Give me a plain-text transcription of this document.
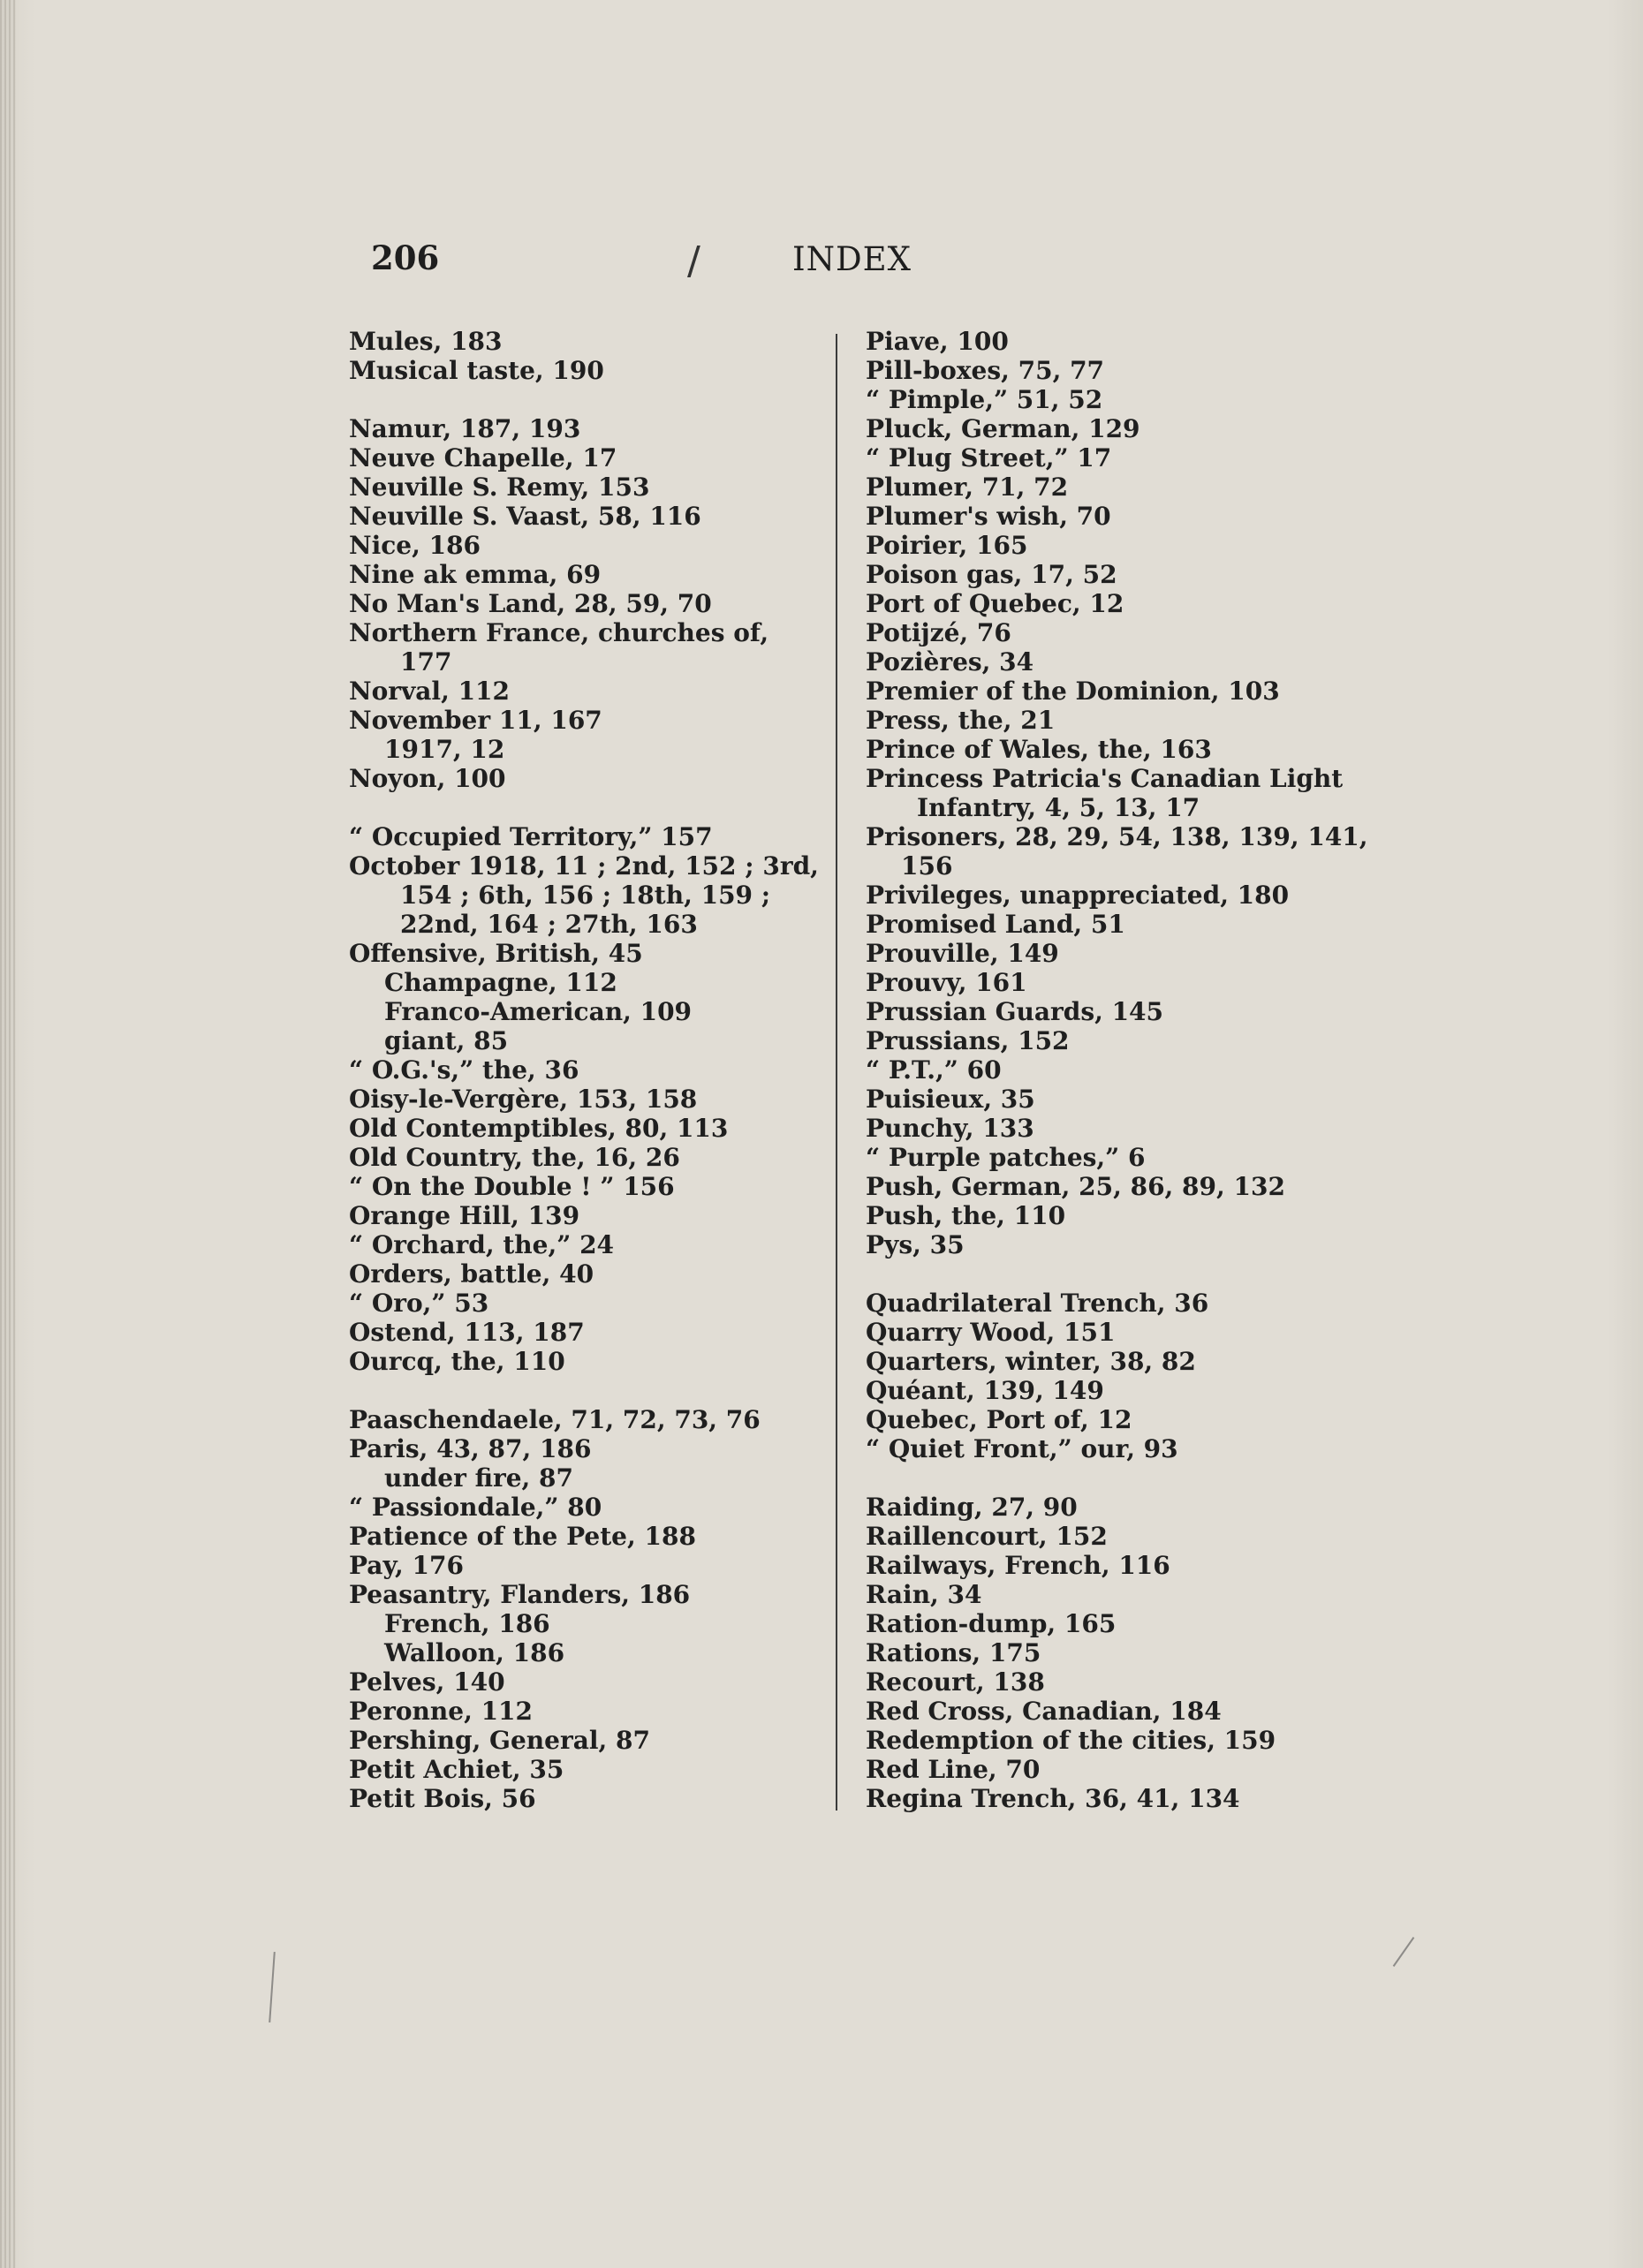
206	/	INDEX
Mules, 183
Musical taste, 190
Namur, 187, 193
Neuve Chapelle, 17
Neuville S. Remy, 153
Neuville S. Vaast, 58, 116
Nice, 186
Nine ak emma, 69
No Man's Land, 28, 59, 70
Northern France, churches of,
177
Norval, 112
November 11, 167
1917, 12
Noyon, 100
“ Occupied Territory,” 157
October 1918, 11 ; 2nd, 152 ; 3rd,
154 ; 6th, 156 ; 18th, 159 ;
22nd, 164 ; 27th, 163
Offensive, British, 45
Champagne, 112
Franco-American, 109
giant, 85
“ O.G.'s,” the, 36
Oisy-le-Vergère, 153, 158
Old Contemptibles, 80, 113
Old Country, the, 16, 26
“ On the Double ! ” 156
Orange Hill, 139
“ Orchard, the,” 24
Orders, battle, 40
“ Oro,” 53
Ostend, 113, 187
Ourcq, the, 110
Paaschendaele, 71, 72, 73, 76
Paris, 43, 87, 186
under fire, 87
“ Passiondale,” 80
Patience of the Pete, 188
Pay, 176
Peasantry, Flanders, 186
French, 186
Walloon, 186
Pelves, 140
Peronne, 112
Pershing, General, 87
Petit Achiet, 35
Petit Bois, 56
Piave, 100
Pill-boxes, 75, 77
“ Pimple,” 51, 52
Pluck, German, 129
“ Plug Street,” 17
Plumer, 71, 72
Plumer's wish, 70
Poirier, 165
Poison gas, 17, 52
Port of Quebec, 12
Potijzé, 76
Pozières, 34
Premier of the Dominion, 103
Press, the, 21
Prince of Wales, the, 163
Princess Patricia's Canadian Light
Infantry, 4, 5, 13, 17
Prisoners, 28, 29, 54, 138, 139, 141,
156
Privileges, unappreciated, 180
Promised Land, 51
Prouville, 149
Prouvy, 161
Prussian Guards, 145
Prussians, 152
“ P.T.,” 60
Puisieux, 35
Punchy, 133
“ Purple patches,” 6
Push, German, 25, 86, 89, 132
Push, the, 110
Pys, 35
Quadrilateral Trench, 36
Quarry Wood, 151
Quarters, winter, 38, 82
Quéant, 139, 149
Quebec, Port of, 12
“ Quiet Front,” our, 93
Raiding, 27, 90
Raillencourt, 152
Railways, French, 116
Rain, 34
Ration-dump, 165
Rations, 175
Recourt, 138
Red Cross, Canadian, 184
Redemption of the cities, 159
Red Line, 70
Regina Trench, 36, 41, 134
